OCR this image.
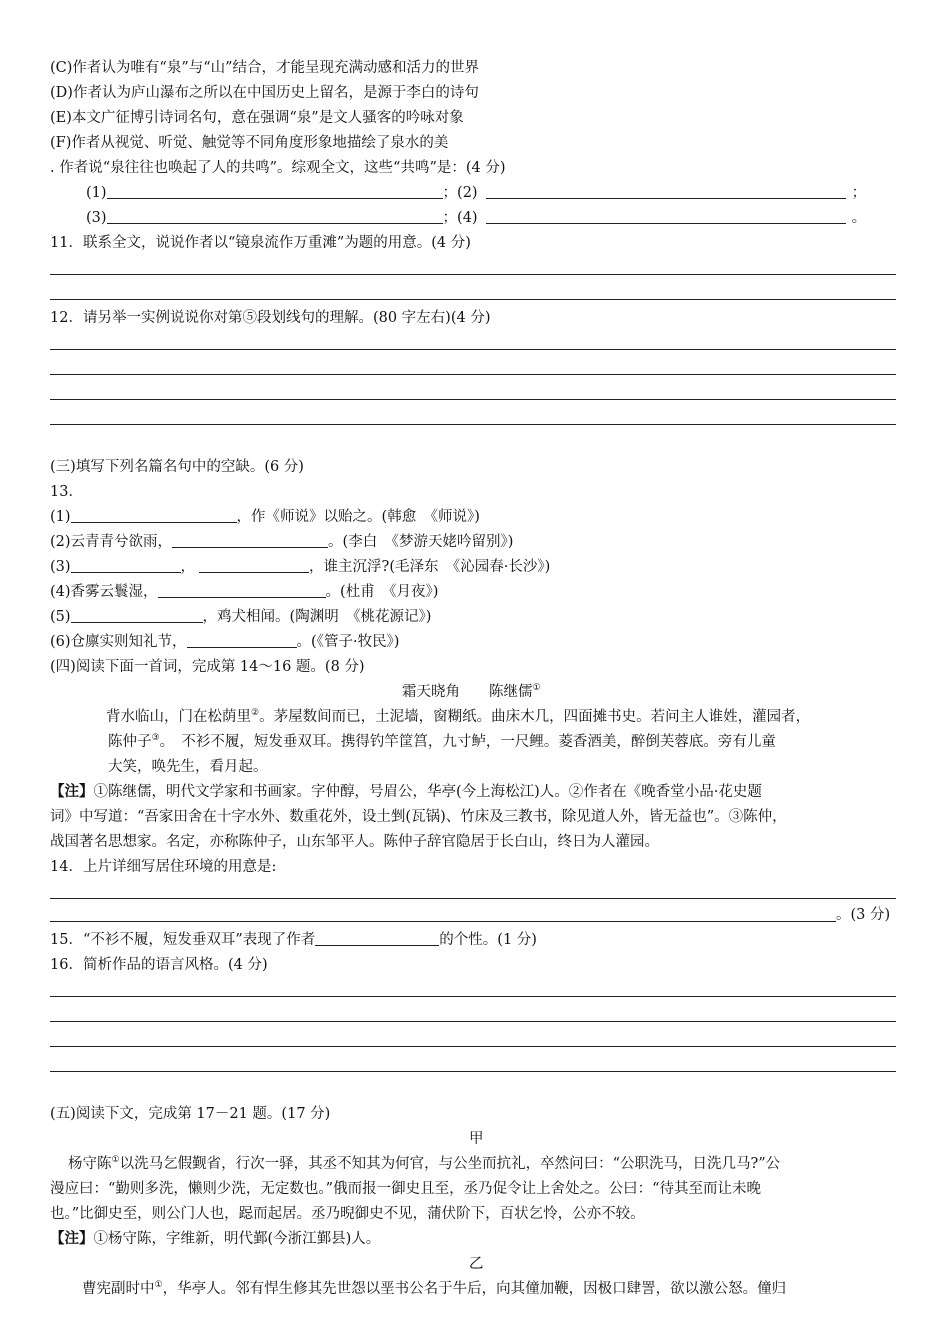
(C)作者认为唯有“泉”与“山”结合，才能呈现充满动感和活力的世界
(D)作者认为庐山瀑布之所以在中国历史上留名，是源于李白的诗句
(E)本文广征博引诗词名句，意在强调“泉”是文人骚客的吟咏对象
(F)作者从视觉、听觉、触觉等不同角度形象地描绘了泉水的美
. 作者说“泉往往也唤起了人的共鸣”。综观全文，这些“共鸣”是：(4 分)
(1)	；(2)	；
(3)	；(4)	。
11．联系全文，说说作者以“镜泉流作万重滩”为题的用意。(4 分)
12．请另举一实例说说你对第⑤段划线句的理解。(80 字左右)(4 分)
(三)填写下列名篇名句中的空缺。(6 分)
13．
(1)	，作《师说》以贻之。(韩愈　《师说》)
(2)云青青兮欲雨，	。(李白　《梦游天姥吟留别》)
(3)	，	，谁主沉浮?(毛泽东　《沁园春·长沙》)
(4)香雾云鬟湿，	。(杜甫　《月夜》)
(5)	，鸡犬相闻。(陶渊明　《桃花源记》)
(6)仓廪实则知礼节，	。(《管子·牧民》)
(四)阅读下面一首词，完成第 14～16 题。(8 分)
霜天晓角　　陈继儒①
背水临山，门在松荫里②。茅屋数间而已，土泥墙，窗糊纸。曲床木几，四面摊书史。若问主人谁姓，灌园者，
陈仲子③。　不衫不履，短发垂双耳。携得钓竿筐筥，九寸鲈，一尺鲤。菱香酒美，醉倒芙蓉底。旁有儿童
大笑，唤先生，看月起。
【注】①陈继儒，明代文学家和书画家。字仲醇，号眉公，华亭(今上海松江)人。②作者在《晚香堂小品·花史题
词》中写道：“吾家田舍在十字水外、数重花外，设土剉(瓦锅)、竹床及三教书，除见道人外，皆无益也”。③陈仲，
战国著名思想家。名定，亦称陈仲子，山东邹平人。陈仲子辞官隐居于长白山，终日为人灌园。
14．上片详细写居住环境的用意是:
。(3 分)
15．“不衫不履，短发垂双耳”表现了作者	的个性。(1 分)
16．简析作品的语言风格。(4 分)
(五)阅读下文，完成第 17－21 题。(17 分)
甲
杨守陈①以洗马乞假觐省，行次一驿，其丞不知其为何官，与公坐而抗礼，卒然问曰：“公职洗马，日洗几马?”公
漫应曰：“勤则多洗，懒则少洗，无定数也。”俄而报一御史且至，丞乃促令让上舍处之。公曰：“待其至而让未晚
也。”比御史至，则公门人也，跽而起居。丞乃晲御史不见，蒲伏阶下，百状乞怜，公亦不较。
【注】①杨守陈，字维新，明代鄞(今浙江鄞县)人。
乙
曹宪副时中①，华亭人。邻有悍生修其先世怨以垩书公名于牛后，向其僮加鞭，因极口肆詈，欲以激公怒。僮归
